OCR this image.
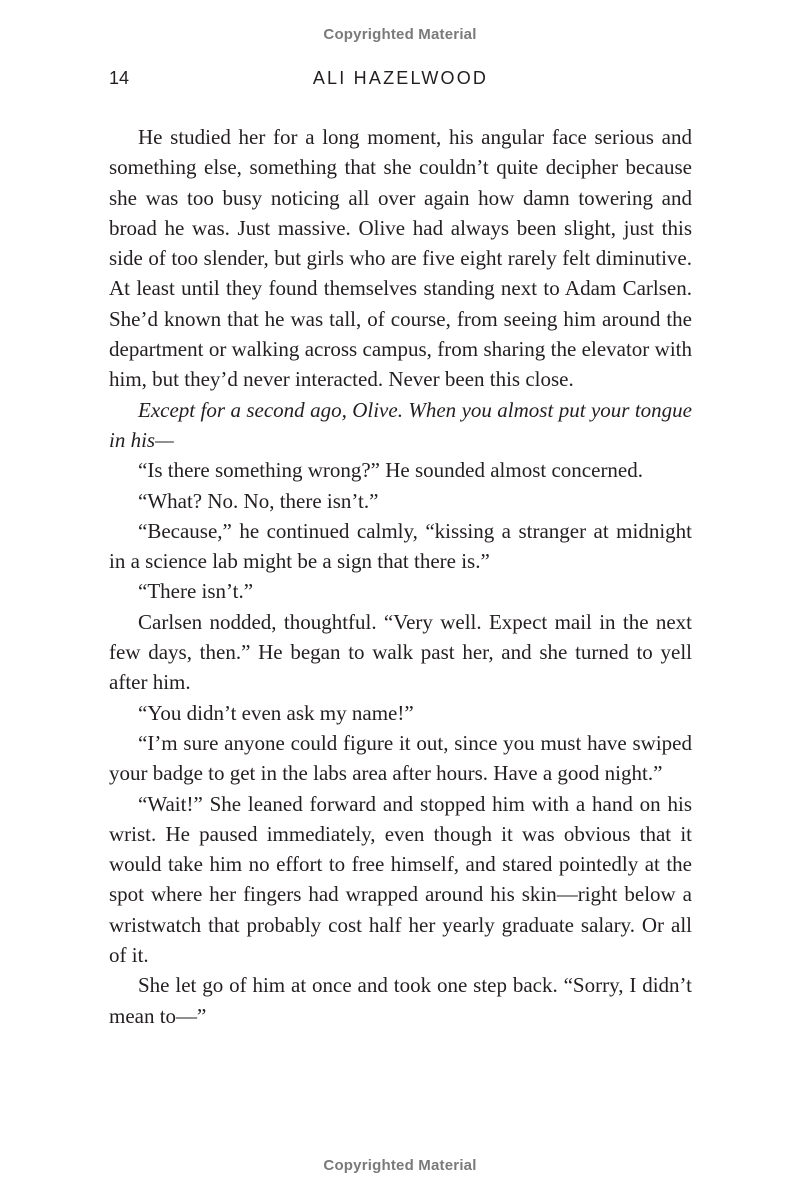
Copyrighted Material
14	ALI HAZELWOOD

He studied her for a long moment, his angular face serious and something else, something that she couldn’t quite decipher because she was too busy noticing all over again how damn towering and broad he was. Just massive. Olive had always been slight, just this side of too slender, but girls who are five eight rarely felt diminutive. At least until they found themselves standing next to Adam Carlsen. She’d known that he was tall, of course, from seeing him around the department or walking across campus, from sharing the elevator with him, but they’d never interacted. Never been this close.

Except for a second ago, Olive. When you almost put your tongue in his—

“Is there something wrong?” He sounded almost concerned.

“What? No. No, there isn’t.”

“Because,” he continued calmly, “kissing a stranger at midnight in a science lab might be a sign that there is.”

“There isn’t.”

Carlsen nodded, thoughtful. “Very well. Expect mail in the next few days, then.” He began to walk past her, and she turned to yell after him.

“You didn’t even ask my name!”

“I’m sure anyone could figure it out, since you must have swiped your badge to get in the labs area after hours. Have a good night.”

“Wait!” She leaned forward and stopped him with a hand on his wrist. He paused immediately, even though it was obvious that it would take him no effort to free himself, and stared pointedly at the spot where her fingers had wrapped around his skin—right below a wristwatch that probably cost half her yearly graduate salary. Or all of it.

She let go of him at once and took one step back. “Sorry, I didn’t mean to—”

Copyrighted Material
